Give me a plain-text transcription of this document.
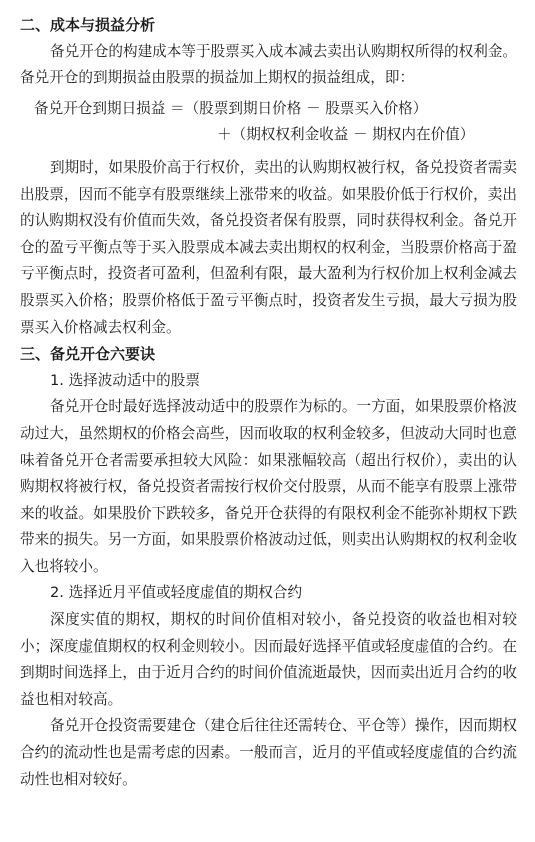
二、成本与损益分析

备兑开仓的构建成本等于股票买入成本减去卖出认购期权所得的权利金。备兑开仓的到期损益由股票的损益加上期权的损益组成，即：

备兑开仓到期日损益 ＝（股票到期日价格 － 股票买入价格）
＋（期权权利金收益 － 期权内在价值）

到期时，如果股价高于行权价，卖出的认购期权被行权，备兑投资者需卖出股票，因而不能享有股票继续上涨带来的收益。如果股价低于行权价，卖出的认购期权没有价值而失效，备兑投资者保有股票，同时获得权利金。备兑开仓的盈亏平衡点等于买入股票成本减去卖出期权的权利金，当股票价格高于盈亏平衡点时，投资者可盈利，但盈利有限，最大盈利为行权价加上权利金减去股票买入价格；股票价格低于盈亏平衡点时，投资者发生亏损，最大亏损为股票买入价格减去权利金。

三、备兑开仓六要诀
1. 选择波动适中的股票

备兑开仓时最好选择波动适中的股票作为标的。一方面，如果股票价格波动过大，虽然期权的价格会高些，因而收取的权利金较多，但波动大同时也意味着备兑开仓者需要承担较大风险：如果涨幅较高（超出行权价），卖出的认购期权将被行权，备兑投资者需按行权价交付股票，从而不能享有股票上涨带来的收益。如果股价下跌较多，备兑开仓获得的有限权利金不能弥补期权下跌带来的损失。另一方面，如果股票价格波动过低，则卖出认购期权的权利金收入也将较小。

2. 选择近月平值或轻度虚值的期权合约

深度实值的期权，期权的时间价值相对较小，备兑投资的收益也相对较小；深度虚值期权的权利金则较小。因而最好选择平值或轻度虚值的合约。在到期时间选择上，由于近月合约的时间价值流逝最快，因而卖出近月合约的收益也相对较高。

备兑开仓投资需要建仓（建仓后往往还需转仓、平仓等）操作，因而期权合约的流动性也是需考虑的因素。一般而言，近月的平值或轻度虚值的合约流动性也相对较好。
